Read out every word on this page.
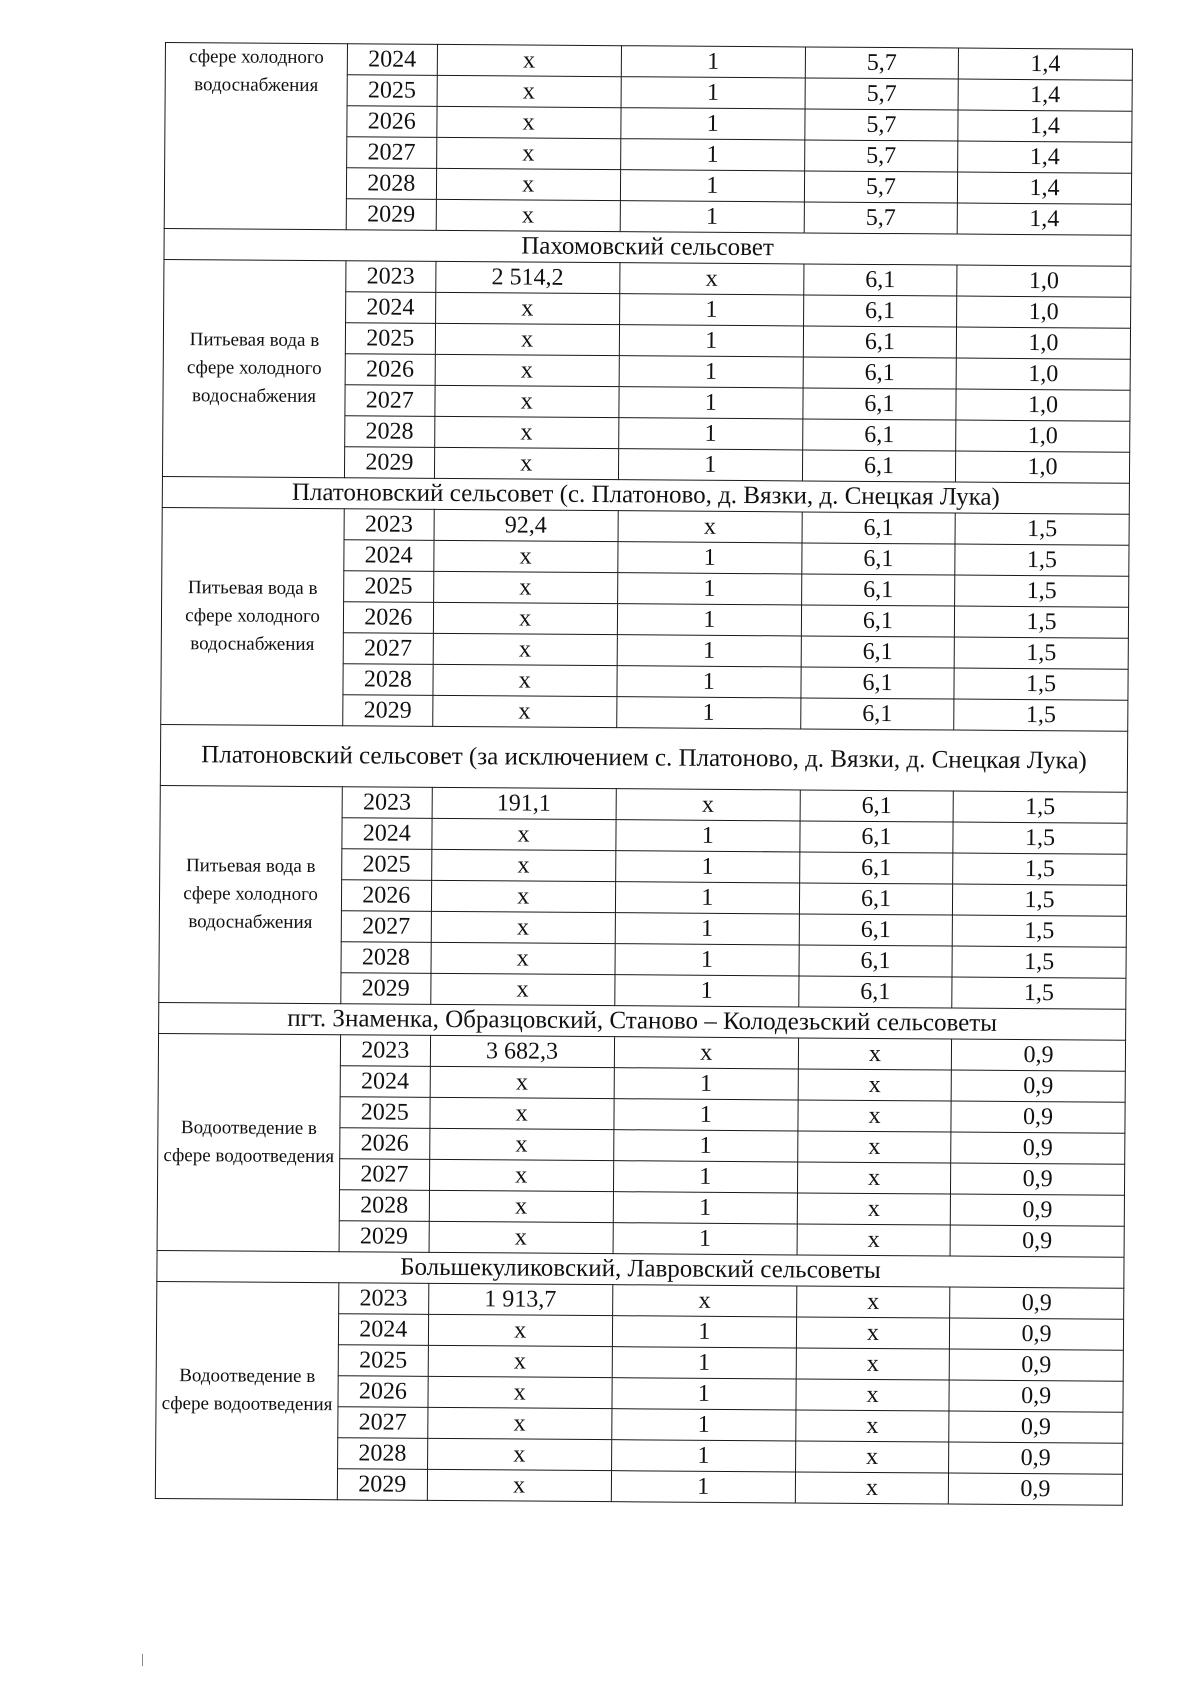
сфере холодного водоснабжения	2024	х	1	5,7	1,4
	2025	х	1	5,7	1,4
	2026	х	1	5,7	1,4
	2027	х	1	5,7	1,4
	2028	х	1	5,7	1,4
	2029	х	1	5,7	1,4
Пахомовский сельсовет					
Питьевая вода в сфере холодного водоснабжения	2023	2 514,2	х	6,1	1,0
	2024	х	1	6,1	1,0
	2025	х	1	6,1	1,0
	2026	х	1	6,1	1,0
	2027	х	1	6,1	1,0
	2028	х	1	6,1	1,0
	2029	х	1	6,1	1,0
Платоновский сельсовет (с. Платоново, д. Вязки, д. Снецкая Лука)					
Питьевая вода в сфере холодного водоснабжения	2023	92,4	х	6,1	1,5
	2024	х	1	6,1	1,5
	2025	х	1	6,1	1,5
	2026	х	1	6,1	1,5
	2027	х	1	6,1	1,5
	2028	х	1	6,1	1,5
	2029	х	1	6,1	1,5
Платоновский сельсовет (за исключением с. Платоново, д. Вязки, д. Снецкая Лука)					
Питьевая вода в сфере холодного водоснабжения	2023	191,1	х	6,1	1,5
	2024	х	1	6,1	1,5
	2025	х	1	6,1	1,5
	2026	х	1	6,1	1,5
	2027	х	1	6,1	1,5
	2028	х	1	6,1	1,5
	2029	х	1	6,1	1,5
пгт. Знаменка, Образцовский, Станово – Колодезьский сельсоветы					
Водоотведение в сфере водоотведения	2023	3 682,3	х	х	0,9
	2024	х	1	х	0,9
	2025	х	1	х	0,9
	2026	х	1	х	0,9
	2027	х	1	х	0,9
	2028	х	1	х	0,9
	2029	х	1	х	0,9
Большекуликовский, Лавровский сельсоветы					
Водоотведение в сфере водоотведения	2023	1 913,7	х	х	0,9
	2024	х	1	х	0,9
	2025	х	1	х	0,9
	2026	х	1	х	0,9
	2027	х	1	х	0,9
	2028	х	1	х	0,9
	2029	х	1	х	0,9
